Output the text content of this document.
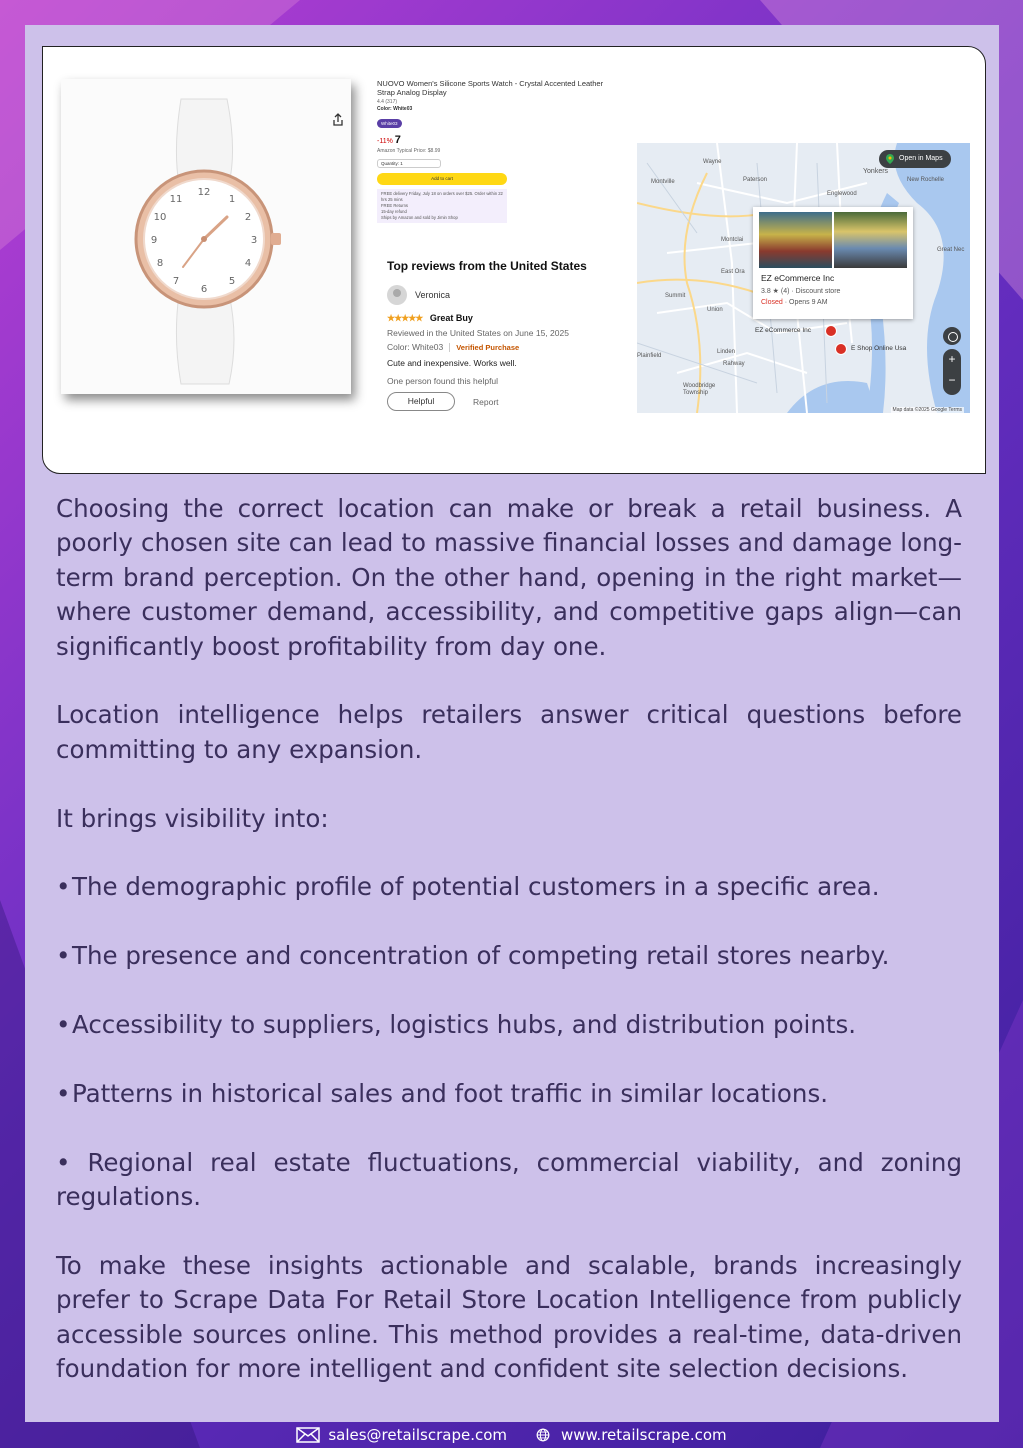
12
1
2
3
4
5
6
7
8
9
10
11
NUOVO Women's Silicone Sports Watch - Crystal Accented Leather Strap Analog Display
4.4 (317)
Color: White03
White03
-11% 7
Amazon Typical Price: $8.99
Quantity: 1
Add to cart
FREE delivery Friday, July 18 on orders over $25. Order within 22 hrs 25 mins
FREE Returns
15-day refund
Ships by Amazon and sold by Jimin Shop
Top reviews from the United States
Veronica
★★★★★ Great Buy
Reviewed in the United States on June 15, 2025
Color: White03 Verified Purchase
Cute and inexpensive. Works well.
One person found this helpful
Helpful	Report
Wayne
Montville	Paterson
Yonkers
New Rochelle
Englewood
Montclai
East Ora
Summit
Union
Plainfield
Linden
Rahway
Woodbridge Township
Great Nec
Open in Maps
EZ eCommerce Inc
3.8 ★ (4) · Discount store
Closed · Opens 9 AM
EZ eCommerce Inc
E Shop Online Usa
+
−
Map data ©2025 Google Terms

Choosing the correct location can make or break a retail business. A poorly chosen site can lead to massive financial losses and damage long-term brand perception. On the other hand, opening in the right market—where customer demand, accessibility, and competitive gaps align—can significantly boost profitability from day one.

Location intelligence helps retailers answer critical questions before committing to any expansion.

It brings visibility into:

• The demographic profile of potential customers in a specific area.

• The presence and concentration of competing retail stores nearby.

• Accessibility to suppliers, logistics hubs, and distribution points.

• Patterns in historical sales and foot traffic in similar locations.

• Regional real estate fluctuations, commercial viability, and zoning regulations.

To make these insights actionable and scalable, brands increasingly prefer to Scrape Data For Retail Store Location Intelligence from publicly accessible sources online. This method provides a real-time, data-driven foundation for more intelligent and confident site selection decisions.

sales@retailscrape.com	www.retailscrape.com
